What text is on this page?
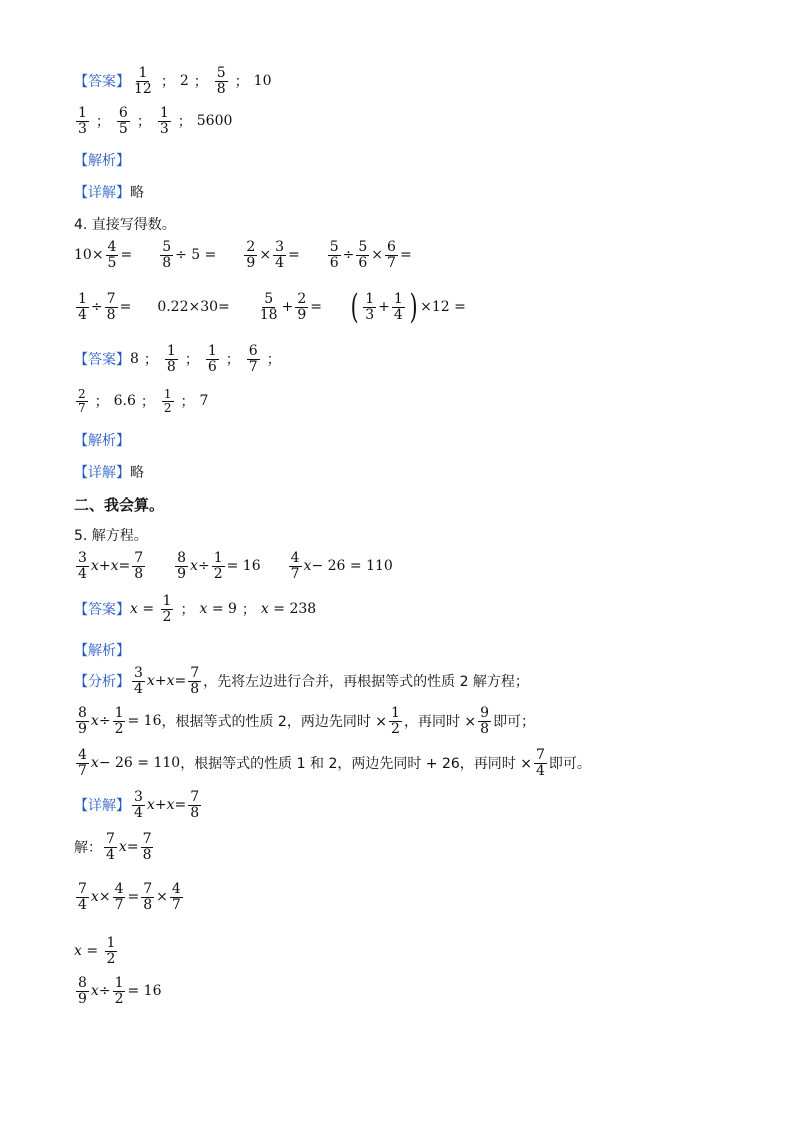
【答案】 $\frac{1}{12}$ ； 2 ； $\frac{5}{8}$ ； 10
$\frac{1}{3}$ ； $\frac{6}{5}$ ； $\frac{1}{3}$ ； 5600
【解析】
【详解】 略
4. 直接写得数。
$10\times \frac{4}{5} = \frac{5}{8} \div 5 = \frac{2}{9} \times \frac{3}{4} = \frac{5}{6} \div \frac{5}{6} \times \frac{6}{7}$ =
$\frac{1}{4} \div \frac{7}{8} = 0.22\times 30= \frac{5}{18} + \frac{2}{9}$ = ( $\frac{1}{3} + \frac{1}{4}$ ) ×12 =
【答案】 8 ； $\frac{1}{8}$ ； $\frac{1}{6}$ ； $\frac{6}{7}$ ；
$\frac{2}{7}$ ； 6.6 ； $\frac{1}{2}$ ； 7
【解析】
【详解】 略
二、我会算。
5. 解方程。
$\frac{3}{4}$ $x + x = \frac{7}{8} \frac{8}{9}$ $x \div \frac{1}{2} = 16 \frac{4}{7}$ x − 26 = 110
【答案】 $x = \frac{1}{2}$ ； x = 9 ； x = 238
【解析】
【分析】 $\frac{3}{4}$ $x + x = \frac{7}{8}$ ，先将左边进行合并，再根据等式的性质 2 解方程；
$\frac{8}{9}$ $x \div \frac{1}{2} = 16$ ，根据等式的性质 2，两边先同时 × $\frac{1}{2}$ ，再同时 × $\frac{9}{8}$ 即可；
$\frac{4}{7}$ x − 26 = 110 ，根据等式的性质 1 和 2，两边先同时 + 26，再同时 × $\frac{7}{4}$ 即可。
【详解】 $\frac{3}{4}$ $x + x = \frac{7}{8}$
解： $\frac{7}{4}$ $x = \frac{7}{8}$
$\frac{7}{4}$ $x \times \frac{4}{7} = \frac{7}{8} \times \frac{4}{7}$
$x = \frac{1}{2}$
$\frac{8}{9}$ $x \div \frac{1}{2} = 16$
